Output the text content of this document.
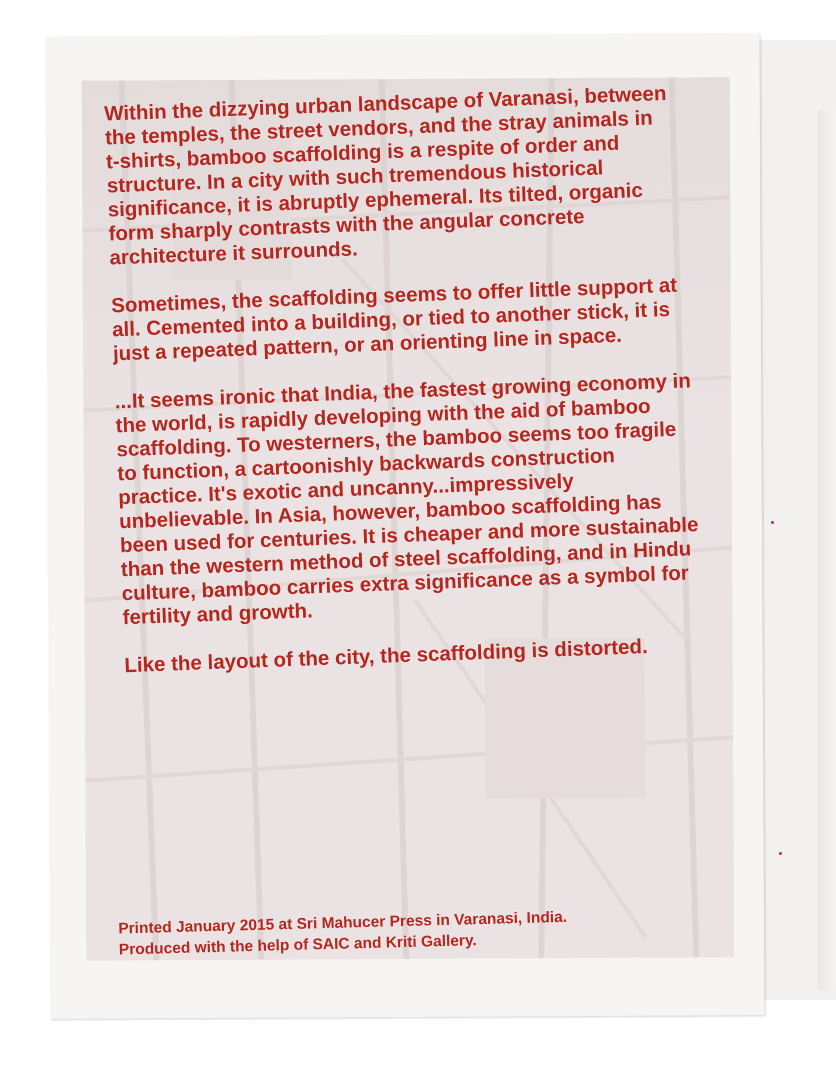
Within the dizzying urban landscape of Varanasi, between
the temples, the street vendors, and the stray animals in
t-shirts, bamboo scaffolding is a respite of order and
structure. In a city with such tremendous historical
significance, it is abruptly ephemeral. Its tilted, organic
form sharply contrasts with the angular concrete
architecture it surrounds.

Sometimes, the scaffolding seems to offer little support at
all. Cemented into a building, or tied to another stick, it is
just a repeated pattern, or an orienting line in space.

...It seems ironic that India, the fastest growing economy in
the world, is rapidly developing with the aid of bamboo
scaffolding. To westerners, the bamboo seems too fragile
to function, a cartoonishly backwards construction
practice. It's exotic and uncanny...impressively
unbelievable. In Asia, however, bamboo scaffolding has
been used for centuries. It is cheaper and more sustainable
than the western method of steel scaffolding, and in Hindu
culture, bamboo carries extra significance as a symbol for
fertility and growth.

Like the layout of the city, the scaffolding is distorted.

Printed January 2015 at Sri Mahucer Press in Varanasi, India.
Produced with the help of SAIC and Kriti Gallery.
